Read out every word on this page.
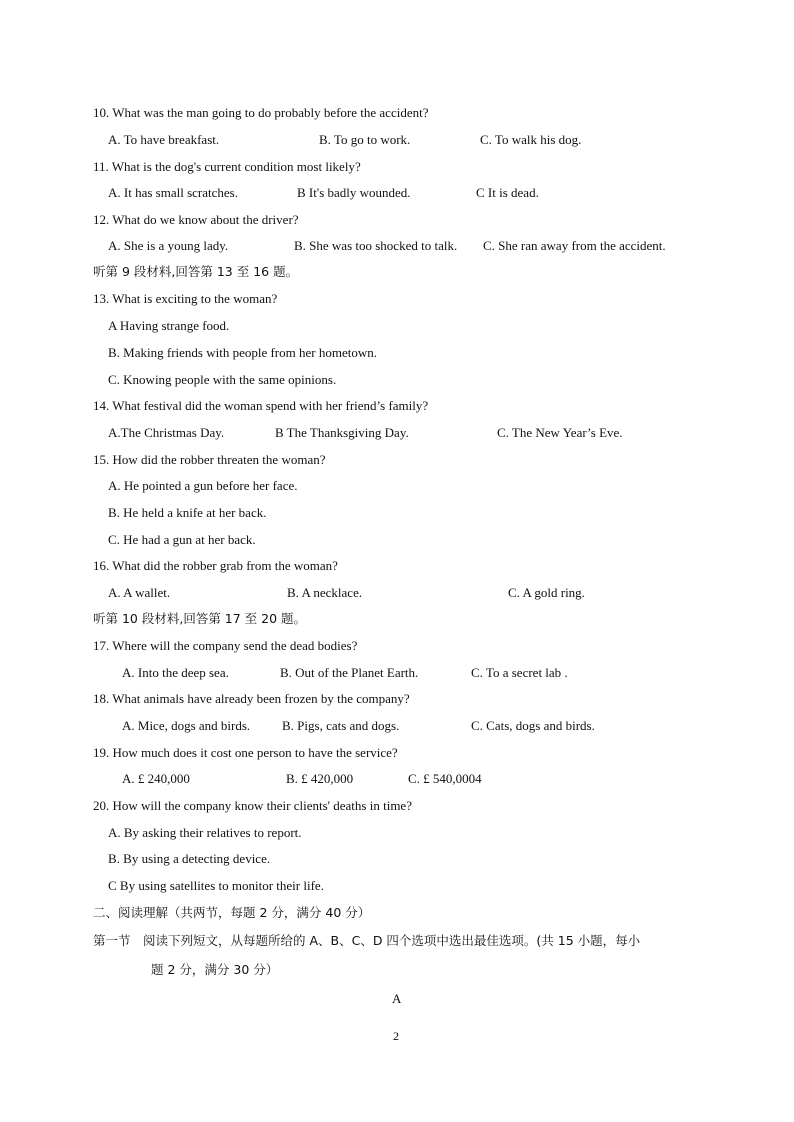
10. What was the man going to do probably before the accident?
A. To have breakfast.	B. To go to work.	C. To walk his dog.
11. What is the dog's current condition most likely?
A. It has small scratches.	B It's badly wounded.	C It is dead.
12. What do we know about the driver?
A. She is a young lady.	B. She was too shocked to talk. C. She ran away from the accident.
听第 9 段材料,回答第 13 至 16 题。
13. What is exciting to the woman?
A Having strange food.
B. Making friends with people from her hometown.
C. Knowing people with the same opinions.
14. What festival did the woman spend with her friend’s family?
A.The Christmas Day.	B The Thanksgiving Day.	C. The New Year’s Eve.
15. How did the robber threaten the woman?
A. He pointed a gun before her face.
B. He held a knife at her back.
C. He had a gun at her back.
16. What did the robber grab from the woman?
A. A wallet.	B. A necklace.	C. A gold ring.
听第 10 段材料,回答第 17 至 20 题。
17. Where will the company send the dead bodies?
A. Into the deep sea.	B. Out of the Planet Earth.	C. To a secret lab .
18. What animals have already been frozen by the company?
A. Mice, dogs and birds. B. Pigs, cats and dogs.	C. Cats, dogs and birds.
19. How much does it cost one person to have the service?
A. £ 240,000	B. £ 420,000	C. £ 540,0004
20. How will the company know their clients' deaths in time?
A. By asking their relatives to report.
B. By using a detecting device.
C By using satellites to monitor their life.
二、阅读理解（共两节，每题 2 分，满分 40 分）
第一节　阅读下列短文，从每题所给的 A、B、C、D 四个选项中选出最佳选项。(共 15 小题，每小
题 2 分，满分 30 分）
A
2
